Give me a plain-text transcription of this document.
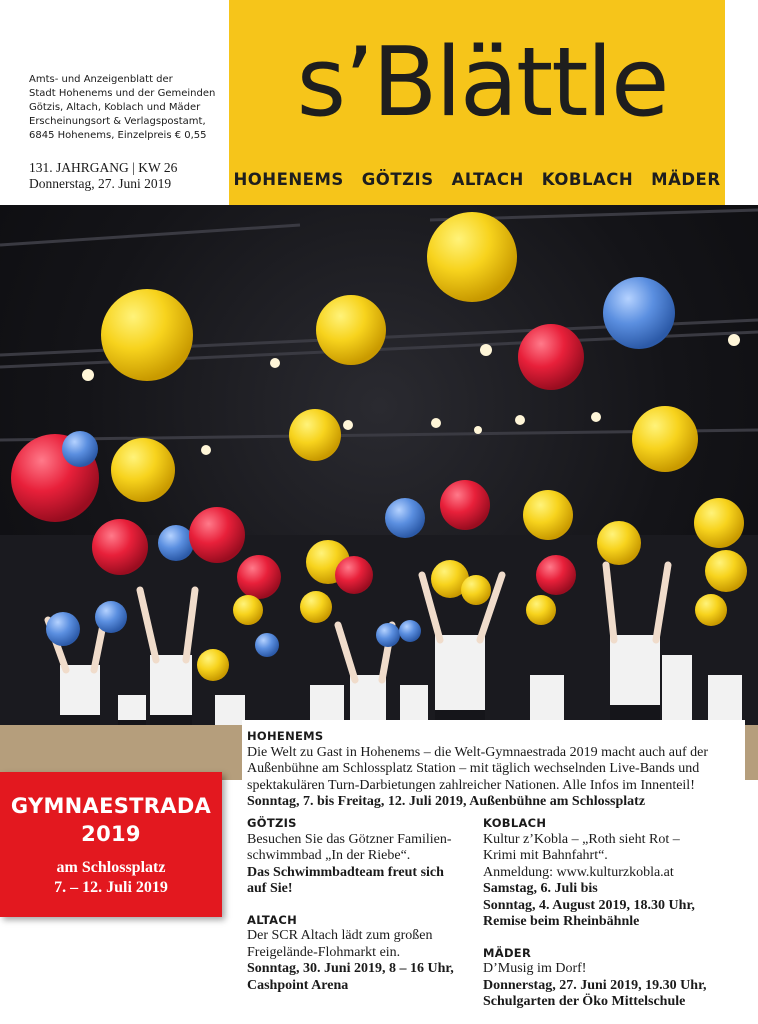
Amts- und Anzeigenblatt der
Stadt Hohenems und der Gemeinden
Götzis, Altach, Koblach und Mäder
Erscheinungsort & Verlagspostamt,
6845 Hohenems, Einzelpreis € 0,55
131. JAHRGANG | KW 26
Donnerstag, 27. Juni 2019
s’Blättle
HOHENEMS GÖTZIS ALTACH KOBLACH MÄDER
GYMNAESTRADA
2019
am Schlossplatz
7. – 12. Juli 2019
HOHENEMS

Die Welt zu Gast in Hohenems – die Welt-Gymnaestrada 2019 macht auch auf der Außenbühne am Schlossplatz Station – mit täglich wechselnden Live-Bands und spektakulären Turn-Darbietungen zahlreicher Nationen. Alle Infos im Innenteil!

Sonntag, 7. bis Freitag, 12. Juli 2019, Außenbühne am Schlossplatz

GÖTZIS

Besuchen Sie das Götzner Familien-

schwimmbad „In der Riebe“.

Das Schwimmbadteam freut sich

auf Sie!

ALTACH

Der SCR Altach lädt zum großen

Freigelände-Flohmarkt ein.

Sonntag, 30. Juni 2019, 8 – 16 Uhr,

Cashpoint Arena

KOBLACH

Kultur z’Kobla – „Roth sieht Rot –

Krimi mit Bahnfahrt“.

Anmeldung: www.kulturzkobla.at

Samstag, 6. Juli bis

Sonntag, 4. August 2019, 18.30 Uhr,

Remise beim Rheinbähnle

MÄDER

D’Musig im Dorf!

Donnerstag, 27. Juni 2019, 19.30 Uhr,

Schulgarten der Öko Mittelschule
